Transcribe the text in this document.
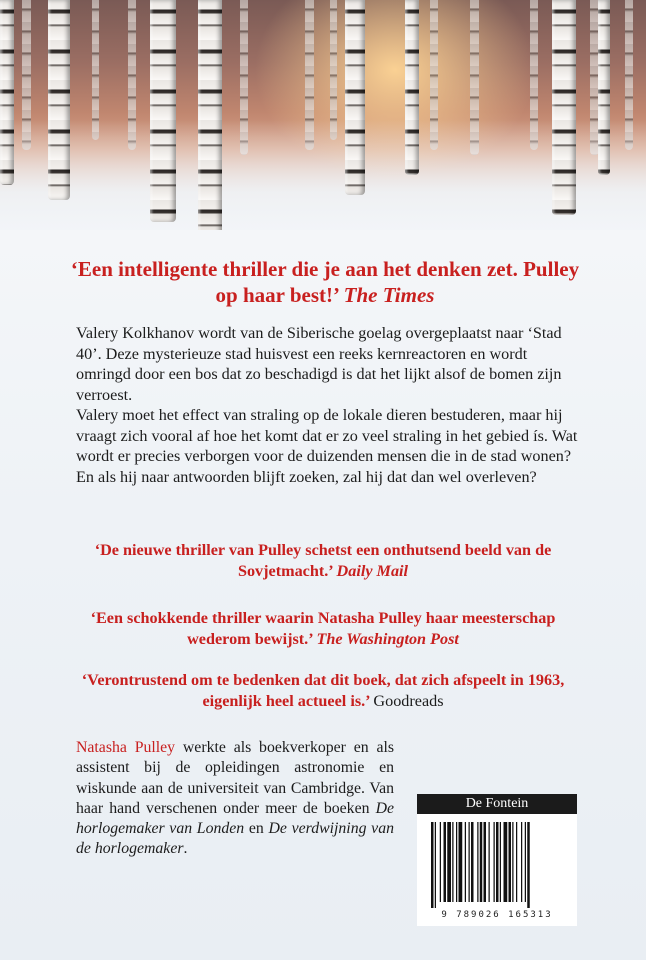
‘Een intelligente thriller die je aan het denken zet. Pulley op haar best!’ The Times

Valery Kolkhanov wordt van de Siberische goelag overgeplaatst naar ‘Stad 40’. Deze mysterieuze stad huisvest een reeks kernreactoren en wordt omringd door een bos dat zo beschadigd is dat het lijkt alsof de bomen zijn verroest.

Valery moet het effect van straling op de lokale dieren bestuderen, maar hij vraagt zich vooral af hoe het komt dat er zo veel straling in het gebied ís. Wat wordt er precies verborgen voor de duizenden mensen die in de stad wonen? En als hij naar antwoorden blijft zoeken, zal hij dat dan wel overleven?

‘De nieuwe thriller van Pulley schetst een onthutsend beeld van de Sovjetmacht.’ Daily Mail
‘Een schokkende thriller waarin Natasha Pulley haar meesterschap wederom bewijst.’ The Washington Post
‘Verontrustend om te bedenken dat dit boek, dat zich afspeelt in 1963, eigenlijk heel actueel is.’ Goodreads
Natasha Pulley werkte als boekverkoper en als assistent bij de opleidingen astronomie en wiskunde aan de universiteit van Cambridge. Van haar hand verschenen onder meer de boeken De horlogemaker van Londen en De verdwijning van de horlogemaker.
De Fontein
9 789026 165313
